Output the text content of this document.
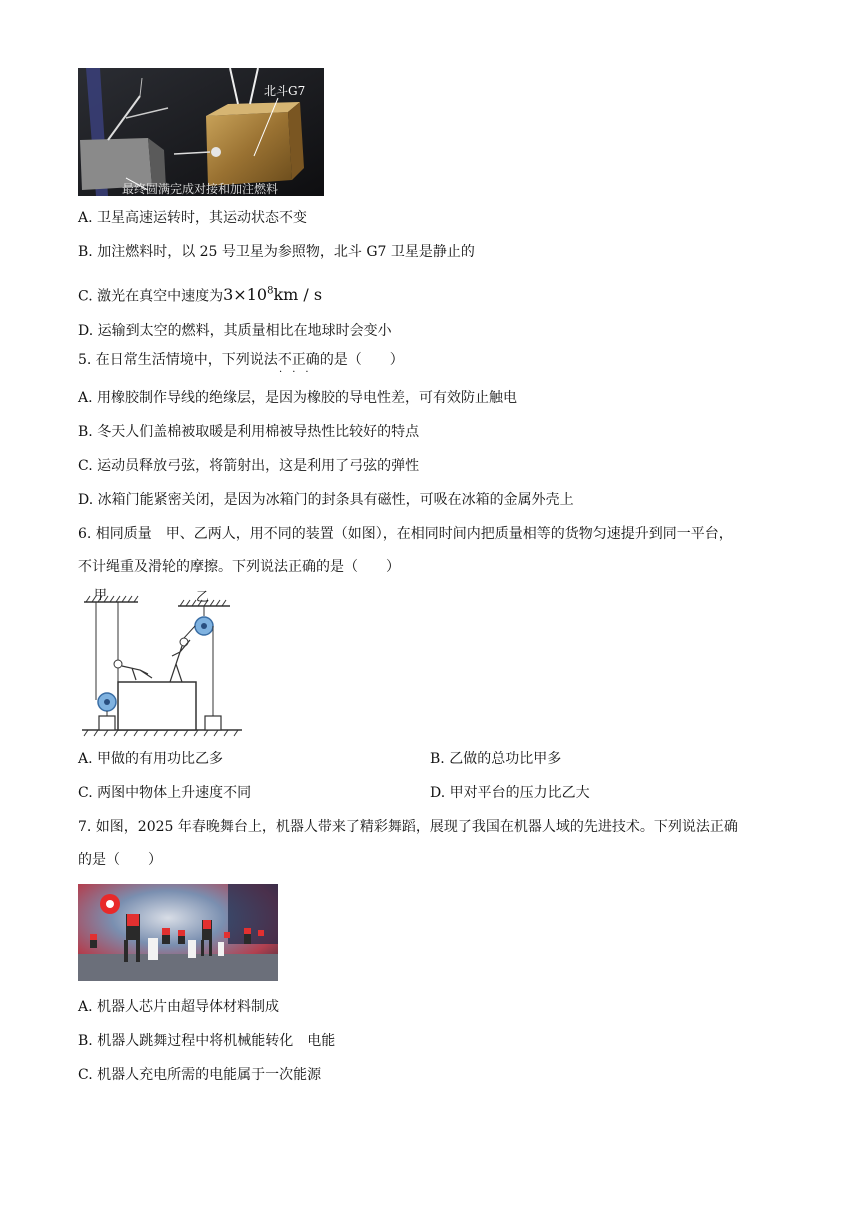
北斗G7
最终圆满完成对接和加注燃料
A. 卫星高速运转时，其运动状态不变
B. 加注燃料时，以 25 号卫星为参照物，北斗 G7 卫星是静止的
C. 激光在真空中速度为$3\times 10^8km / s$
D. 运输到太空的燃料，其质量相比在地球时会变小
5. 在日常生活情境中，下列说法不正确
···
的是（　　）
A. 用橡胶制作导线的绝缘层，是因为橡胶的导电性差，可有效防止触电
B. 冬天人们盖棉被取暖是利用棉被导热性比较好的特点
C. 运动员释放弓弦，将箭射出，这是利用了弓弦的弹性
D. 冰箱门能紧密关闭，是因为冰箱门的封条具有磁性，可吸在冰箱的金属外壳上
6. 相同质量　甲、乙两人，用不同的装置（如图），在相同时间内把质量相等的货物匀速提升到同一平台，
不计绳重及滑轮的摩擦。下列说法正确的是（　　）
甲	乙
A. 甲做的有用功比乙多	B. 乙做的总功比甲多
C. 两图中物体上升速度不同	D. 甲对平台的压力比乙大
7. 如图，2025 年春晚舞台上，机器人带来了精彩舞蹈，展现了我国在机器人域的先进技术。下列说法正确
的是（　　）
A. 机器人芯片由超导体材料制成
B. 机器人跳舞过程中将机械能转化　电能
C. 机器人充电所需的电能属于一次能源
